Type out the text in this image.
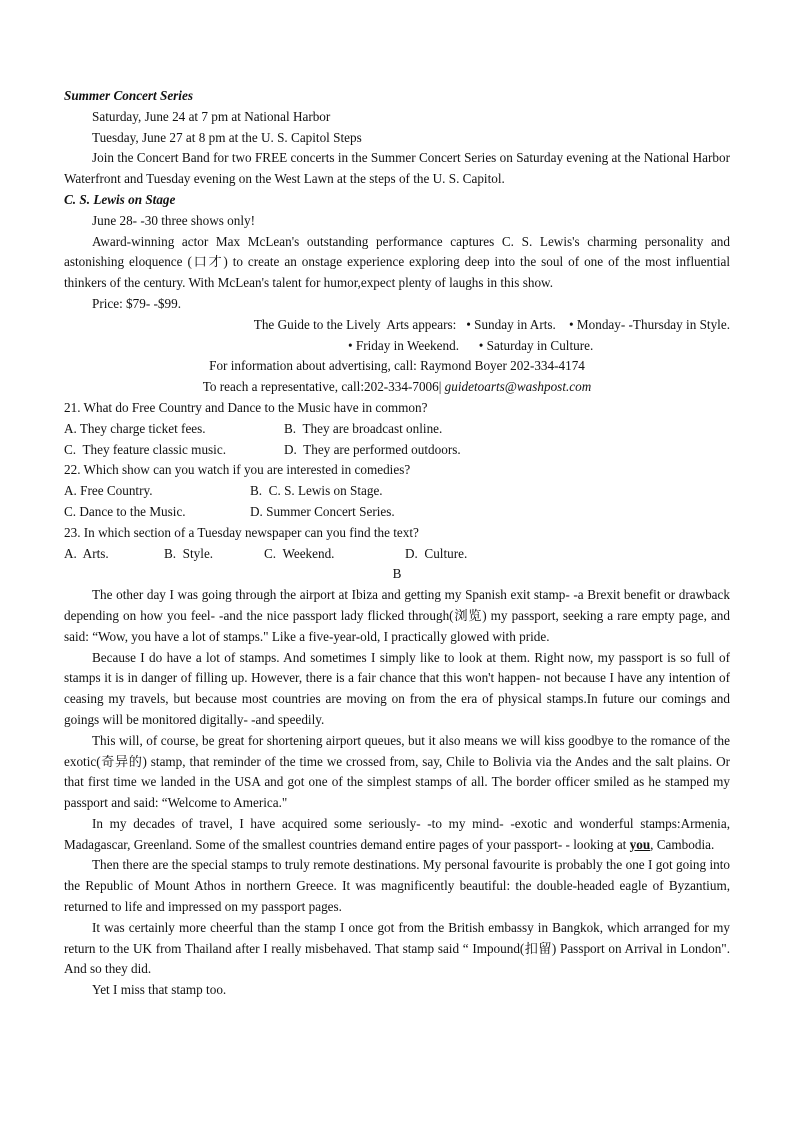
Summer Concert Series
Saturday, June 24 at 7 pm at National Harbor
Tuesday, June 27 at 8 pm at the U. S. Capitol Steps
Join the Concert Band for two FREE concerts in the Summer Concert Series on Saturday evening at the National Harbor Waterfront and Tuesday evening on the West Lawn at the steps of the U. S. Capitol.
C. S. Lewis on Stage
June 28- -30 three shows only!
Award-winning actor Max McLean's outstanding performance captures C. S. Lewis's charming personality and astonishing eloquence (口才) to create an onstage experience exploring deep into the soul of one of the most influential thinkers of the century. With McLean's talent for humor,expect plenty of laughs in this show.
Price: $79- -$99.
The Guide to the Lively  Arts appears:   • Sunday in Arts.    • Monday- -Thursday in Style.
• Friday in Weekend.      • Saturday in Culture.
For information about advertising, call: Raymond Boyer 202-334-4174
To reach a representative, call:202-334-7006| guidetoarts@washpost.com
21. What do Free Country and Dance to the Music have in common?
A. They charge ticket fees.	B.  They are broadcast online.
C.  They feature classic music.	D.  They are performed outdoors.
22. Which show can you watch if you are interested in comedies?
A. Free Country.	B.  C. S. Lewis on Stage.
C. Dance to the Music.	D. Summer Concert Series.
23. In which section of a Tuesday newspaper can you find the text?
A.  Arts.	B.  Style.	C.  Weekend.	D.  Culture.
B
The other day I was going through the airport at Ibiza and getting my Spanish exit stamp- -a Brexit benefit or drawback depending on how you feel- -and the nice passport lady flicked through(浏览) my passport, seeking a rare empty page, and said: “Wow, you have a lot of stamps." Like a five-year-old, I practically glowed with pride.
Because I do have a lot of stamps. And sometimes I simply like to look at them. Right now, my passport is so full of stamps it is in danger of filling up. However, there is a fair chance that this won't happen- not because I have any intention of ceasing my travels, but because most countries are moving on from the era of physical stamps.In future our comings and goings will be monitored digitally- -and speedily.
This will, of course, be great for shortening airport queues, but it also means we will kiss goodbye to the romance of the exotic(奇异的) stamp, that reminder of the time we crossed from, say, Chile to Bolivia via the Andes and the salt plains. Or that first time we landed in the USA and got one of the simplest stamps of all. The border officer smiled as he stamped my passport and said: “Welcome to America."
In my decades of travel, I have acquired some seriously- -to my mind- -exotic and wonderful stamps:Armenia, Madagascar, Greenland. Some of the smallest countries demand entire pages of your passport- - looking at you, Cambodia.
Then there are the special stamps to truly remote destinations. My personal favourite is probably the one I got going into the Republic of Mount Athos in northern Greece. It was magnificently beautiful: the double-headed eagle of Byzantium, returned to life and impressed on my passport pages.
It was certainly more cheerful than the stamp I once got from the British embassy in Bangkok, which arranged for my return to the UK from Thailand after I really misbehaved. That stamp said “ Impound(扣留) Passport on Arrival in London". And so they did.
Yet I miss that stamp too.
